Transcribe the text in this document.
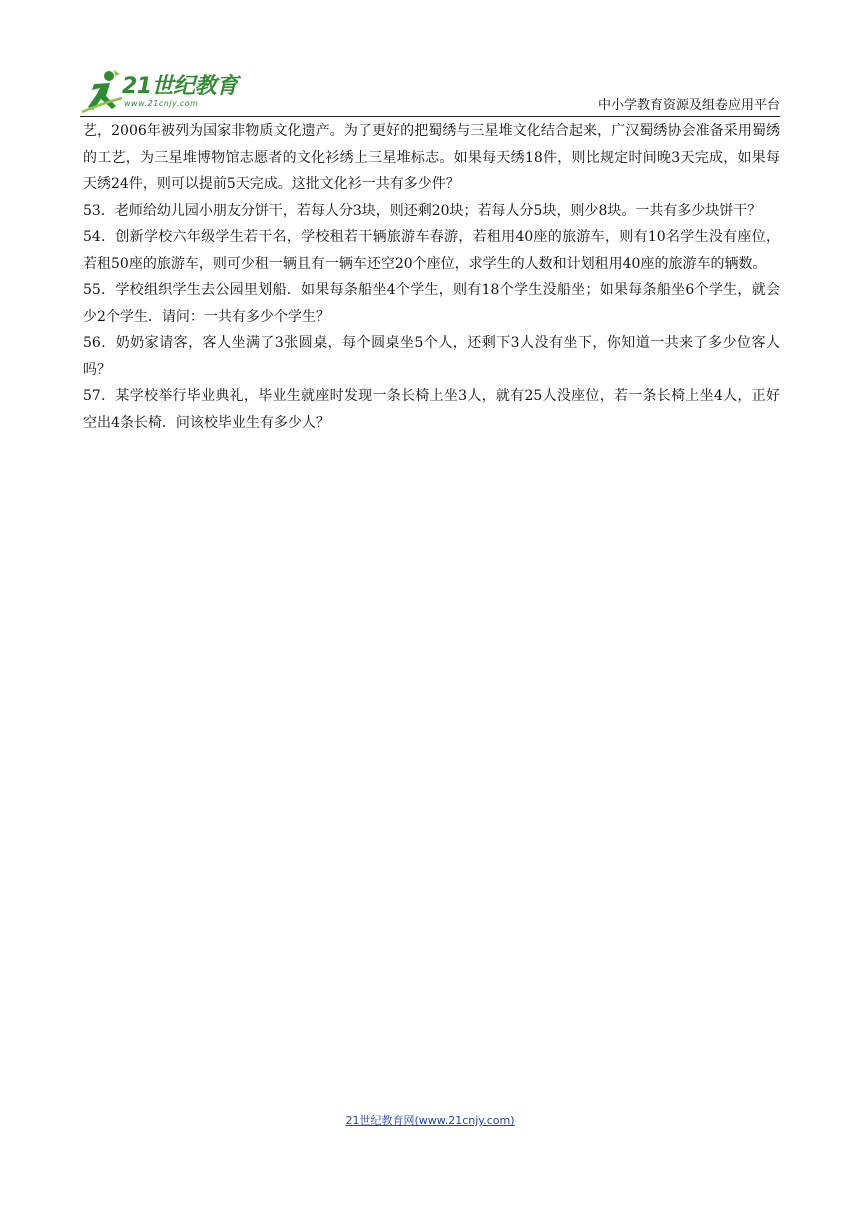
21世纪教育
www.21cnjy.com	中小学教育资源及组卷应用平台

艺，2006年被列为国家非物质文化遗产。为了更好的把蜀绣与三星堆文化结合起来，广汉蜀绣协会准备采用蜀绣的工艺，为三星堆博物馆志愿者的文化衫绣上三星堆标志。如果每天绣18件，则比规定时间晚3天完成，如果每天绣24件，则可以提前5天完成。这批文化衫一共有多少件？

53．老师给幼儿园小朋友分饼干，若每人分3块，则还剩20块；若每人分5块，则少8块。一共有多少块饼干？

54．创新学校六年级学生若干名，学校租若干辆旅游车春游，若租用40座的旅游车，则有10名学生没有座位，若租50座的旅游车，则可少租一辆且有一辆车还空20个座位，求学生的人数和计划租用40座的旅游车的辆数。

55．学校组织学生去公园里划船．如果每条船坐4个学生，则有18个学生没船坐；如果每条船坐6个学生，就会少2个学生．请问：一共有多少个学生？

56．奶奶家请客，客人坐满了3张圆桌，每个圆桌坐5个人，还剩下3人没有坐下，你知道一共来了多少位客人吗？

57．某学校举行毕业典礼，毕业生就座时发现一条长椅上坐3人，就有25人没座位，若一条长椅上坐4人，正好空出4条长椅．问该校毕业生有多少人？

21世纪教育网(www.21cnjy.com)
